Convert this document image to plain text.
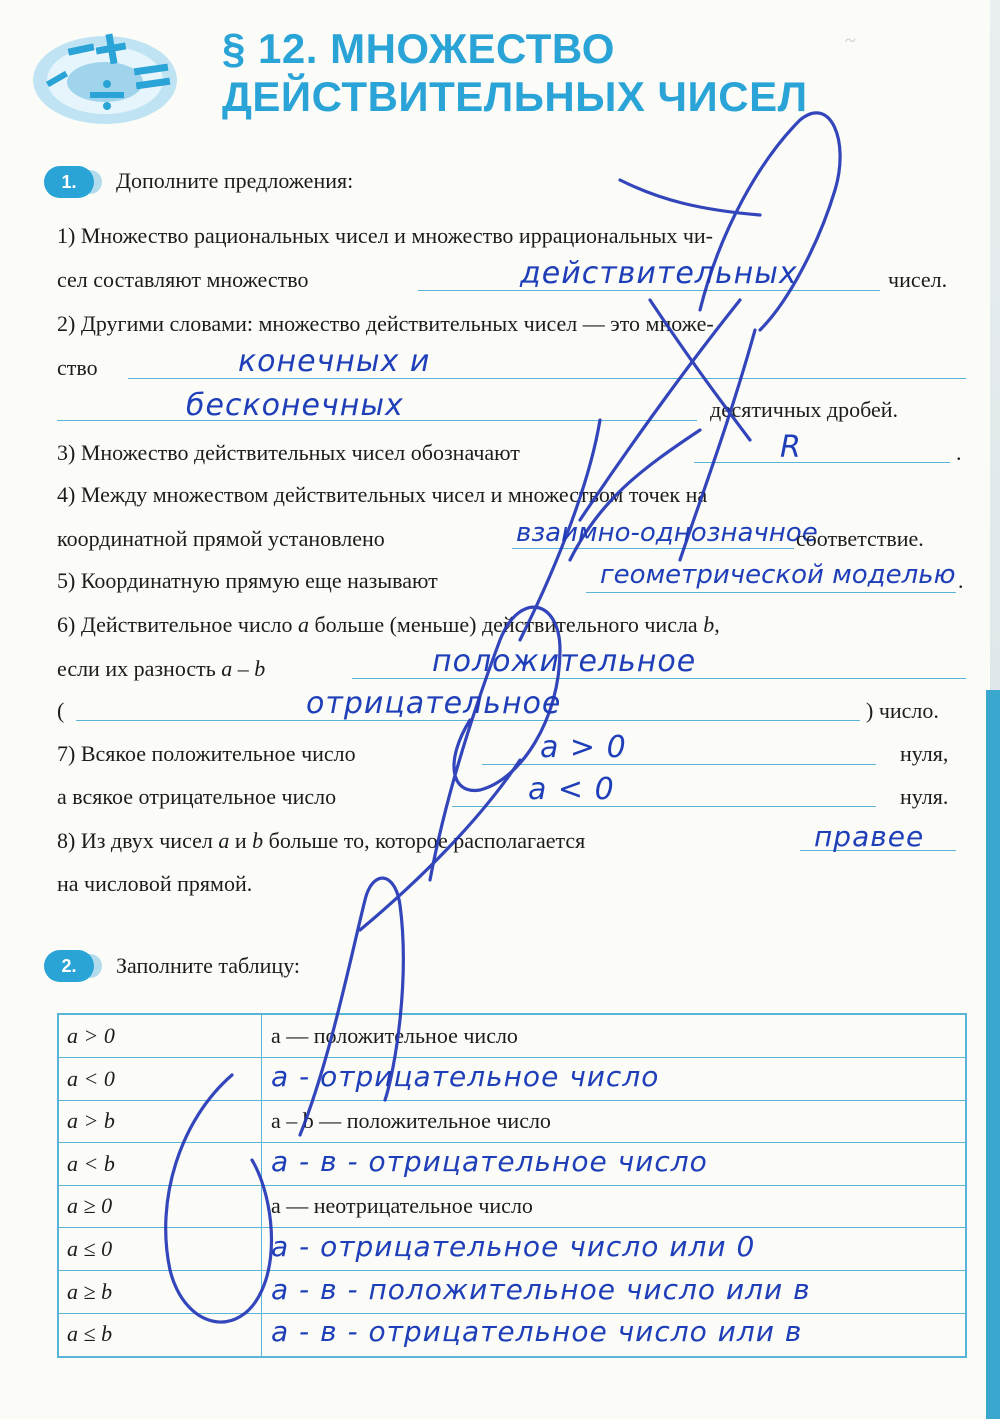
§ 12. МНОЖЕСТВО
ДЕЙСТВИТЕЛЬНЫХ ЧИСЕЛ
~
1.	Дополните предложения:
1) Множество рациональных чисел и множество иррациональных чи-
сел составляют множество	действительных	чисел.
2) Другими словами: множество действительных чисел — это множе-
ство	конечных и
бесконечных	десятичных дробей.
3) Множество действительных чисел обозначают	R	.
4) Между множеством действительных чисел и множеством точек на
координатной прямой установлено	взаимно-однозначное
соответствие.
5) Координатную прямую еще называют	геометрической моделью .
6) Действительное число a больше (меньше) действительного числа b,
если их разность a – b	положительное
(	отрицательное	) число.
7) Всякое положительное число	a > 0	нуля,
а всякое отрицательное число	a < 0	нуля.
8) Из двух чисел a и b больше то, которое располагается	правее
на числовой прямой.
2.	Заполните таблицу:
a > 0	a — положительное число
a < 0	a - отрицательное число
a > b	a – b — положительное число
a < b	a - в - отрицательное число
a ≥ 0	a — неотрицательное число
a ≤ 0	a - отрицательное число или 0
a ≥ b	a - в - положительное число или в
a ≤ b	a - в - отрицательное число или в
